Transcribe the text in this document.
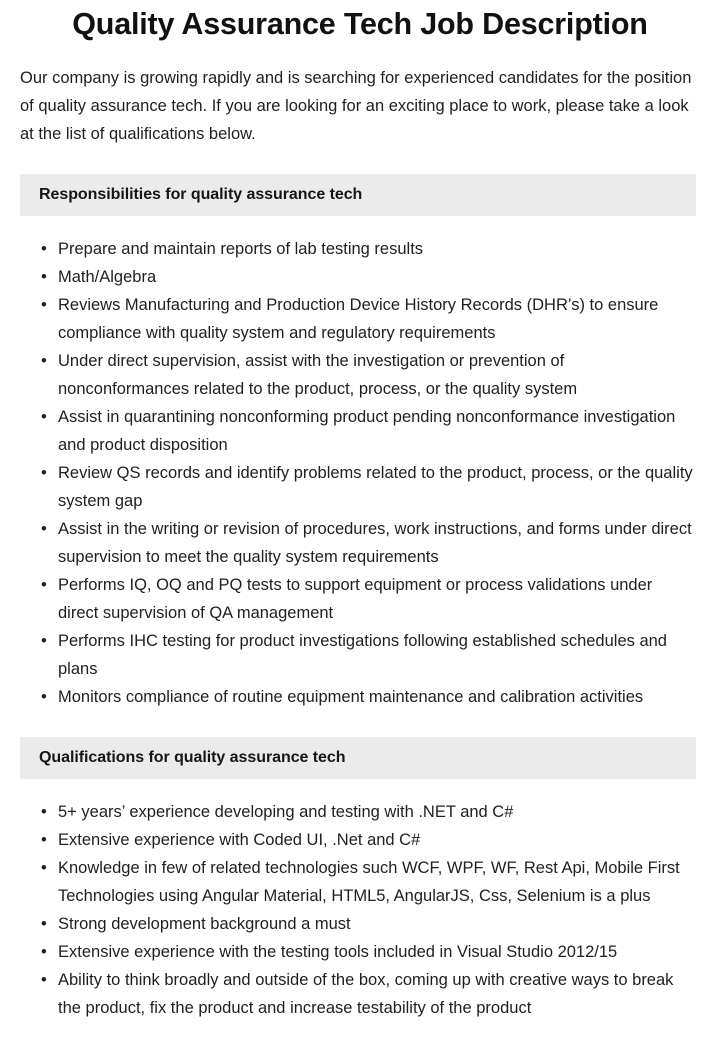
Quality Assurance Tech Job Description

Our company is growing rapidly and is searching for experienced candidates for the position of quality assurance tech. If you are looking for an exciting place to work, please take a look at the list of qualifications below.

Responsibilities for quality assurance tech
• Prepare and maintain reports of lab testing results
• Math/Algebra
• Reviews Manufacturing and Production Device History Records (DHR’s) to ensure compliance with quality system and regulatory requirements
• Under direct supervision, assist with the investigation or prevention of nonconformances related to the product, process, or the quality system
• Assist in quarantining nonconforming product pending nonconformance investigation and product disposition
• Review QS records and identify problems related to the product, process, or the quality system gap
• Assist in the writing or revision of procedures, work instructions, and forms under direct supervision to meet the quality system requirements
• Performs IQ, OQ and PQ tests to support equipment or process validations under direct supervision of QA management
• Performs IHC testing for product investigations following established schedules and plans
• Monitors compliance of routine equipment maintenance and calibration activities
Qualifications for quality assurance tech
• 5+ years’ experience developing and testing with .NET and C#
• Extensive experience with Coded UI, .Net and C#
• Knowledge in few of related technologies such WCF, WPF, WF, Rest Api, Mobile First Technologies using Angular Material, HTML5, AngularJS, Css, Selenium is a plus
• Strong development background a must
• Extensive experience with the testing tools included in Visual Studio 2012/15
• Ability to think broadly and outside of the box, coming up with creative ways to break the product, fix the product and increase testability of the product
